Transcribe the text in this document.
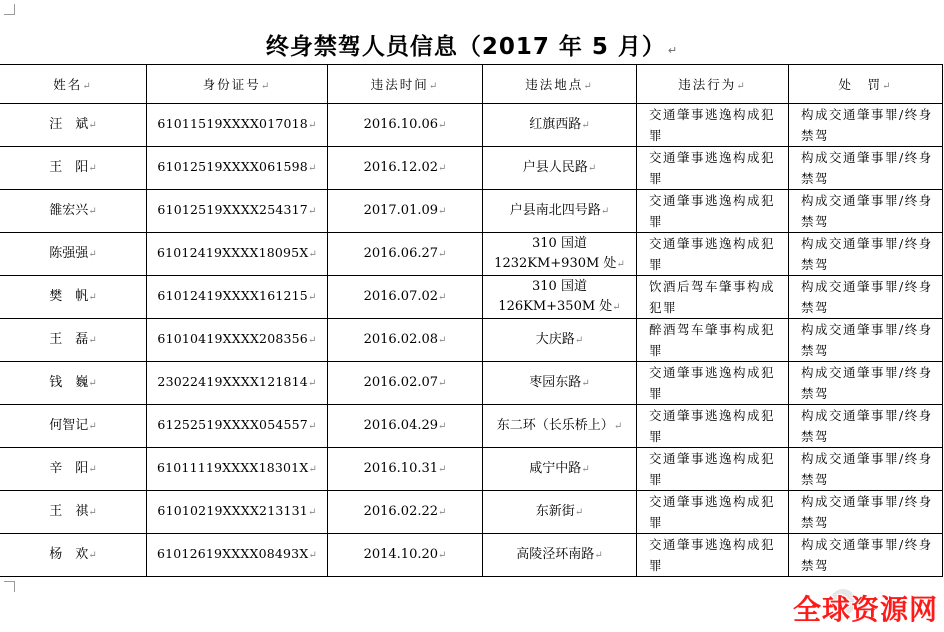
终身禁驾人员信息（2017 年 5 月） ↵
姓名↵	身份证号↵	违法时间↵	违法地点↵	违法行为↵	处　罚↵
汪　斌↵	61011519XXXX017018↵	2016.10.06↵	红旗西路↵	交通肇事逃逸构成犯罪	构成交通肇事罪/终身禁驾
王　阳↵	61012519XXXX061598↵	2016.12.02↵	户县人民路↵	交通肇事逃逸构成犯罪	构成交通肇事罪/终身禁驾
雒宏兴↵	61012519XXXX254317↵	2017.01.09↵	户县南北四号路↵	交通肇事逃逸构成犯罪	构成交通肇事罪/终身禁驾
陈强强↵	61012419XXXX18095X↵	2016.06.27↵	310 国道 1232KM+930M 处↵	交通肇事逃逸构成犯罪	构成交通肇事罪/终身禁驾
樊　帆↵	61012419XXXX161215↵	2016.07.02↵	310 国道 126KM+350M 处↵	饮酒后驾车肇事构成犯罪	构成交通肇事罪/终身禁驾
王　磊↵	61010419XXXX208356↵	2016.02.08↵	大庆路↵	醉酒驾车肇事构成犯罪	构成交通肇事罪/终身禁驾
钱　巍↵	23022419XXXX121814↵	2016.02.07↵	枣园东路↵	交通肇事逃逸构成犯罪	构成交通肇事罪/终身禁驾
何智记↵	61252519XXXX054557↵	2016.04.29↵	东二环（长乐桥上）↵	交通肇事逃逸构成犯罪	构成交通肇事罪/终身禁驾
辛　阳↵	61011119XXXX18301X↵	2016.10.31↵	咸宁中路↵	交通肇事逃逸构成犯罪	构成交通肇事罪/终身禁驾
王　祺↵	61010219XXXX213131↵	2016.02.22↵	东新街↵	交通肇事逃逸构成犯罪	构成交通肇事罪/终身禁驾
杨　欢↵	61012619XXXX08493X↵	2014.10.20↵	高陵泾环南路↵	交通肇事逃逸构成犯罪	构成交通肇事罪/终身禁驾
全球资源网
